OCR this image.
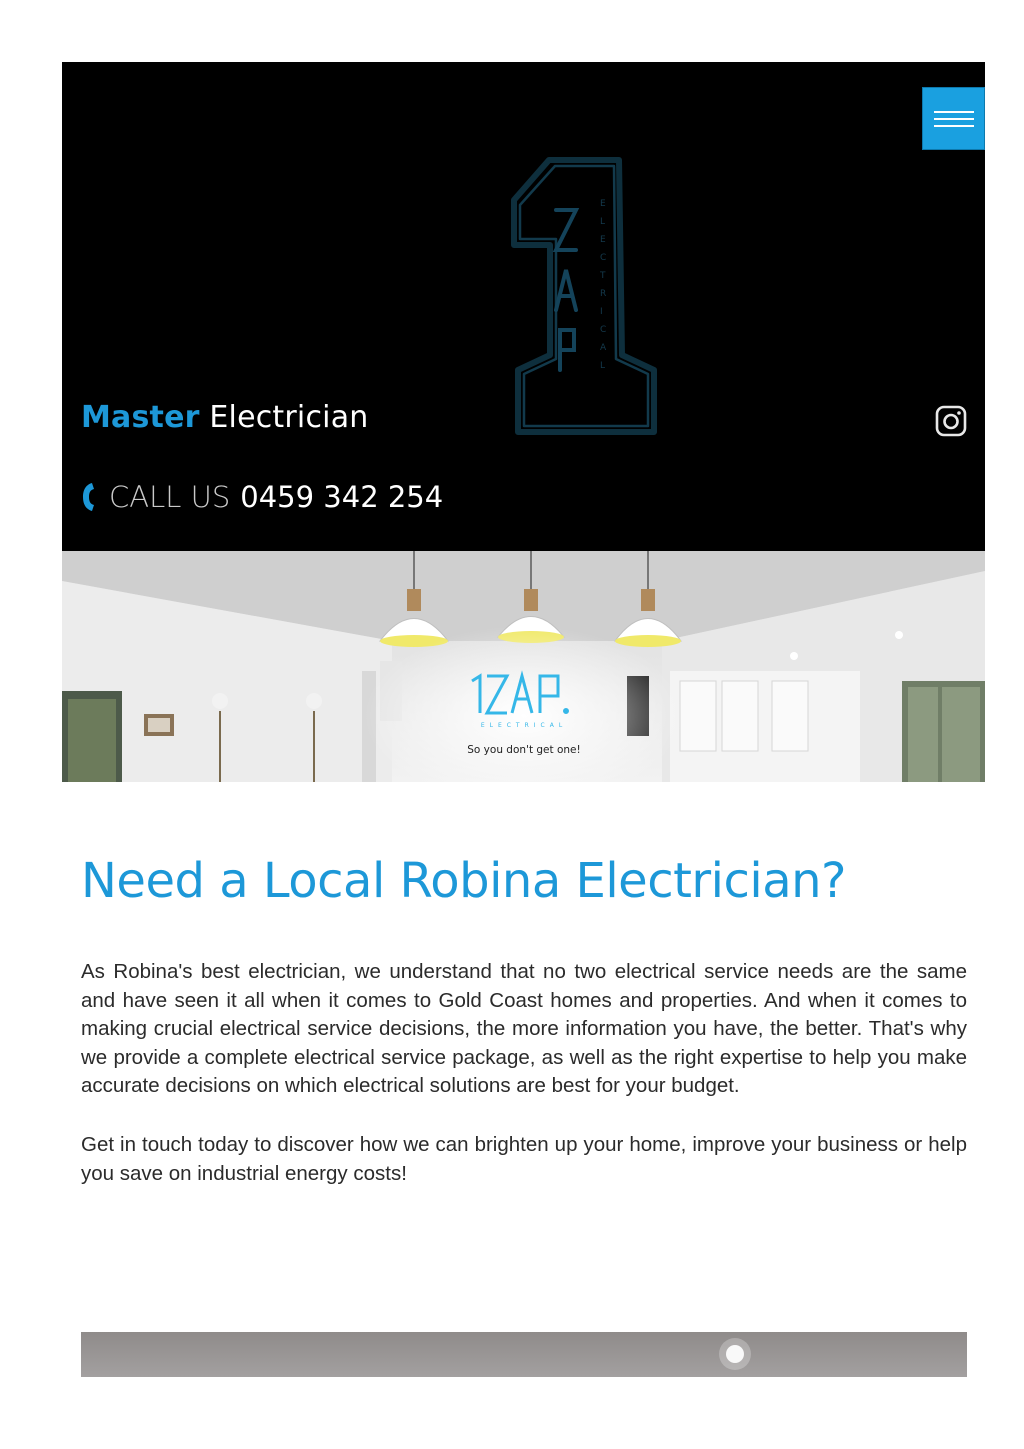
E
L
E
C
T
R
I
C
A
L
Master Electrician
CALL US 0459 342 254
ELECTRICAL
So you don't get one!
Need a Local Robina Electrician?

As Robina's best electrician, we understand that no two electrical service needs are the same and have seen it all when it comes to Gold Coast homes and properties. And when it comes to making crucial electrical service decisions, the more information you have, the better. That's why we provide a complete electrical service package, as well as the right expertise to help you make accurate decisions on which electrical solutions are best for your budget.

Get in touch today to discover how we can brighten up your home, improve your business or help you save on industrial energy costs!
